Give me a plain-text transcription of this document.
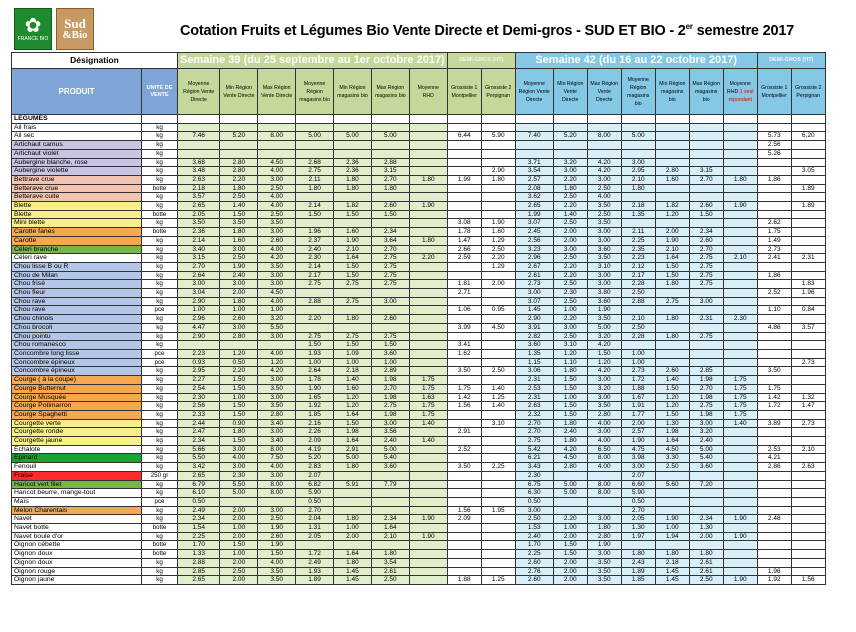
✿
FRANCE BIO
Sud
&Bio	Cotation Fruits et Légumes Bio Vente Directe et Demi-gros - SUD ET BIO - 2er semestre 2017
Désignation		Semaine 39 (du 25 septembre au 1er octobre 2017)							DEMI-GROS (HT)		Semaine 42 (du 16 au 22 octobre 2017)							DEMI-GROS (HT)	
PRODUIT	UNITE DE VENTE	Moyenne Région Vente Directe	Min Région Vente Directe	Max Région Vente Directe	Moyenne Région magasins bio	Min Région magasins bio	Max Région magasins bio	Moyenne RHD	Grossiste 1 Montpellier	Grossiste 2 Perpignan	Moyenne Région Vente Directe	Min Région Vente Directe	Max Région Vente Directe	Moyenne Région magasins bio	Min Région magasins bio	Max Région magasins bio	Moyenne RHD 1 seul répondant	Grossiste 1 Montpellier	Grossiste 2 Perpignan
LEGUMES																			
Ail frais	kg																		
Ail sec	kg	7.46	5.20	8.00	5.00	5.00	5.00		6.44	5.90	7.40	5.20	8.00	5.00				5.73	6.20
Artichaut camus	kg																	2.56	
Artichaut violet	kg																	5.26	
Aubergine blanche, rose	kg	3.68	2.80	4.50	2.68	2.36	2.88				3.71	3.20	4.20	3.00					
Aubergine violette	kg	3.48	2.80	4.00	2.75	2.36	3.15			2.90	3.54	3.00	4.20	2.95	2.80	3.15			3.05
Bettrave crue	kg	2.63	2.20	3.00	2.11	1.80	2.70	1.80	1.99	1.80	2.57	2.20	3.00	2.10	1.60	2.70	1.80	1.86	
Betterave crue	botte	2.18	1.80	2.50	1.80	1.80	1.80				2.08	1.80	2.50	1.80					1.89
Betterave cuite	kg	3.57	2.50	4.00							3.62	2.50	4.00						
Blette	kg	2.65	1.40	4.00	2.14	1.82	2.60	1.90			2.65	2.20	3.50	2.18	1.82	2.60	1.90		1.89
Blette	botte	2.05	1.50	2.50	1.50	1.50	1.50				1.99	1.40	2.50	1.35	1.20	1.50			
Mini blette	kg	3.50	3.50	3.50					3.08	1.90	3.07	2.50	3.50					2.62	
Carotte fanes	botte	2.36	1.80	3.00	1.96	1.60	2.34		1.78	1.60	2.45	2.00	3.00	2.11	2.00	2.34		1.75	
Carotte	kg	2.14	1.60	2.60	2.37	1.90	3.64	1.80	1.47	1.29	2.56	2.00	3.00	2.25	1.90	2.60		1.49	
Céleri branche	kg	3.40	3.00	4.00	2.40	2.10	2.70		2.66	2.50	3.23	3.00	3.60	2.35	2.10	2.70		2.73	
Céleri rave	kg	3.15	2.50	4.20	2.30	1.64	2.75	2.20	2.59	2.20	2.96	2.50	3.50	2.23	1.64	2.75	2.10	2.41	2.31
Chou lisse B ou R	kg	2.70	1.90	3.50	2.14	1.50	2.75			1.29	2.67	2.20	3.10	2.12	1.50	2.75			
Chou de Milan	kg	2.64	2.40	3.00	2.17	1.50	2.75				2.61	2.20	3.00	2.17	1.50	2.75		1.86	
Chou frisé	kg	3.00	3.00	3.00	2.75	2.75	2.75		1.81	2.00	2.73	2.50	3.00	2.28	1.80	2.75			1.83
Chou fleur	kg	3.04	2.00	4.50					2.71		3.00	2.30	3.80	2.50				2.52	1.96
Chou rave	kg	2.90	1.80	4.00	2.88	2.75	3.00				3.07	2.50	3.60	2.88	2.75	3.00			
Chou rave	pce	1.00	1.00	1.00					1.06	0.95	1.45	1.00	1.90					1.10	0.84
Chou chinois	kg	2.96	2.60	3.20	2.20	1.80	2.60				2.90	2.20	3.50	2.10	1.80	2.31	2.30		
Chou brocoli	kg	4.47	3.00	5.50					3.99	4.50	3.91	3.00	5.00	2.50				4.86	3.57
Chou pointu	kg	2.90	2.80	3.00	2.75	2.75	2.75				2.82	2.50	3.20	2.28	1.80	2.75			
Chou romanesco	kg				1.50	1.50	1.50		3.41		3.60	3.10	4.20						
Concombre long lisse	pce	2.23	1.20	4.00	1.93	1.09	3.60		1.62		1.35	1.20	1.50	1.00					
Concombre épineux	pce	0.93	0.50	1.20	1.00	1.00	1.00				1.15	1.10	1.20	1.00					2.73
Concombre épineux	kg	2.95	2.20	4.20	2.64	2.18	2.89		3.50	2.50	3.06	1.80	4.20	2.73	2.60	2.85		3.50	
Courge ( à la coupe)	kg	2.27	1.50	3.00	1.78	1.40	1.98	1.75			2.31	1.50	3.00	1.72	1.40	1.98	1.75		
Courge Butternut	kg	2.54	1.50	3.50	1.90	1.60	2.70	1.75	1.75	1.40	2.53	1.50	3.20	1.88	1.50	2.70	1.75	1.75	
Courge Musquée	kg	2.30	1.00	3.00	1.65	1.20	1.98	1.63	1.42	1.25	2.31	1.00	3.00	1.67	1.20	1.98	1.75	1.42	1.32
Courge Potimarron	kg	2.56	1.50	3.50	1.92	1.20	2.75	1.75	1.56	1.40	2.63	1.50	3.50	1.91	1.20	2.75	1.75	1.72	1.47
Courge Spaghetti	kg	2.33	1.50	2.80	1.85	1.64	1.98	1.75			2.32	1.50	2.80	1.77	1.50	1.98	1.75		
Courgette verte	kg	2.44	0.90	3.40	2.16	1.50	3.00	1.40		3.10	2.70	1.80	4.00	2.00	1.30	3.00	1.40	3.89	2.73
Courgette ronde	kg	2.47	1.80	3.00	2.26	1.98	3.56		2.91		2.70	2.40	3.00	2.57	1.98	3.20			
Courgette jaune	kg	2.34	1.50	3.40	2.09	1.64	2.40	1.40			2.75	1.80	4.00	1.90	1.64	2.40			
Echalote	kg	5.66	3.00	8.00	4.19	2.91	5.00		2.52		5.42	4.20	6.50	4.75	4.50	5.00		2.53	2.10
Epinard	kg	5.50	4.00	7.50	5.20	5.00	5.40				6.21	4.50	8.00	3.98	3.30	5.40		4.21	
Fenouil	kg	3.42	3.00	4.00	2.83	1.80	3.60		3.50	2.25	3.43	2.80	4.00	3.00	2.50	3.60		2.86	2.63
Fraise	250 gr	2.65	2.30	3.00	2.07						2.30			2.07					
Haricot vert filet	kg	6.79	5.50	8.00	6.82	5.91	7.79				6.75	5.00	8.00	6.60	5.60	7.20			
Haricot beurre, mange-tout	kg	6.10	5.00	8.00	5.90						6.30	5.00	8.00	5.90					
Maïs	pce	0.50			0.50						0.50			0.50					
Melon Charentais	kg	2.49	2.00	3.00	2.70				1.56	1.95	3.00			2.70					
Navet	kg	2.34	2.00	2.50	2.04	1.80	2.34	1.90	2.09		2.50	2.20	3.00	2.05	1.90	2.34	1.90	2.48	
Navet botte	botte	1.54	1.00	1.90	1.31	1.00	1.64				1.53	1.00	1.80	1.30	1.00	1.30			
Navet boule d'or	kg	2.25	2.00	2.60	2.05	2.00	2.10	1.90			2.40	2.00	2.80	1.97	1.94	2.00	1.90		
Oignon cébette	botte	1.70	1.50	1.90							1.70	1.50	1.90						
Oignon doux	botte	1.33	1.00	1.50	1.72	1.64	1.80				2.25	1.50	3.00	1.80	1.80	1.80			
Oignon doux	kg	2.88	2.00	4.00	2.49	1.80	3.54				2.60	2.00	3.50	2.43	2.18	2.61			
Oignon rouge	kg	2.85	2.50	3.50	1.93	1.45	2.61				2.76	2.00	3.50	1.89	1.45	2.61		1.96	
Oignon jaune	kg	2.65	2.00	3.50	1.89	1.45	2.50		1.88	1.25	2.60	2.00	3.50	1.85	1.45	2.50	1.90	1.92	1.56
